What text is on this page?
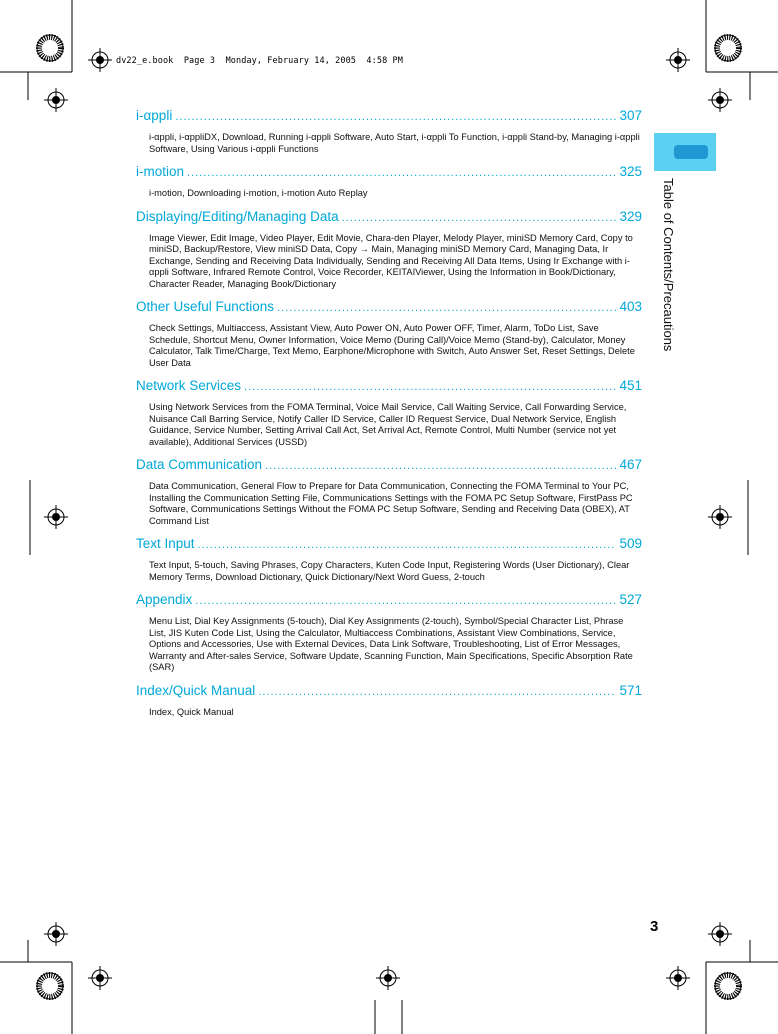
dv22_e.book  Page 3  Monday, February 14, 2005  4:58 PM
Table of Contents/Precautions
i-αppli .....	307
i-αppli, i-αppliDX, Download, Running i-αppli Software, Auto Start, i-αppli To Function, i-αppli Stand-by, Managing i-αppli Software, Using Various i-αppli Functions
i-motion .....	325
i-motion, Downloading i-motion, i-motion Auto Replay
Displaying/Editing/Managing Data .....	329
Image Viewer, Edit Image, Video Player, Edit Movie, Chara-den Player, Melody Player, miniSD Memory Card, Copy to miniSD, Backup/Restore, View miniSD Data, Copy → Main, Managing miniSD Memory Card, Managing Data, Ir Exchange, Sending and Receiving Data Individually, Sending and Receiving All Data Items, Using Ir Exchange with i-αppli Software, Infrared Remote Control, Voice Recorder, KEITAIViewer, Using the Information in Book/Dictionary, Character Reader, Managing Book/Dictionary
Other Useful Functions .....	403
Check Settings, Multiaccess, Assistant View, Auto Power ON, Auto Power OFF, Timer, Alarm, ToDo List, Save Schedule, Shortcut Menu, Owner Information, Voice Memo (During Call)/Voice Memo (Stand-by), Calculator, Money Calculator, Talk Time/Charge, Text Memo, Earphone/Microphone with Switch, Auto Answer Set, Reset Settings, Delete User Data
Network Services .....	451
Using Network Services from the FOMA Terminal, Voice Mail Service, Call Waiting Service, Call Forwarding Service, Nuisance Call Barring Service, Notify Caller ID Service, Caller ID Request Service, Dual Network Service, English Guidance, Service Number, Setting Arrival Call Act, Set Arrival Act, Remote Control, Multi Number (service not yet available), Additional Services (USSD)
Data Communication .....	467
Data Communication, General Flow to Prepare for Data Communication, Connecting the FOMA Terminal to Your PC, Installing the Communication Setting File, Communications Settings with the FOMA PC Setup Software, FirstPass PC Software, Communications Settings Without the FOMA PC Setup Software, Sending and Receiving Data (OBEX), AT Command List
Text Input .....	509
Text Input, 5-touch, Saving Phrases, Copy Characters, Kuten Code Input, Registering Words (User Dictionary), Clear Memory Terms, Download Dictionary, Quick Dictionary/Next Word Guess, 2-touch
Appendix .....	527
Menu List, Dial Key Assignments (5-touch), Dial Key Assignments (2-touch), Symbol/Special Character List, Phrase List, JIS Kuten Code List, Using the Calculator, Multiaccess Combinations, Assistant View Combinations, Service, Options and Accessories, Use with External Devices, Data Link Software, Troubleshooting, List of Error Messages, Warranty and After-sales Service, Software Update, Scanning Function, Main Specifications, Specific Absorption Rate (SAR)
Index/Quick Manual .....	571
Index, Quick Manual
3
